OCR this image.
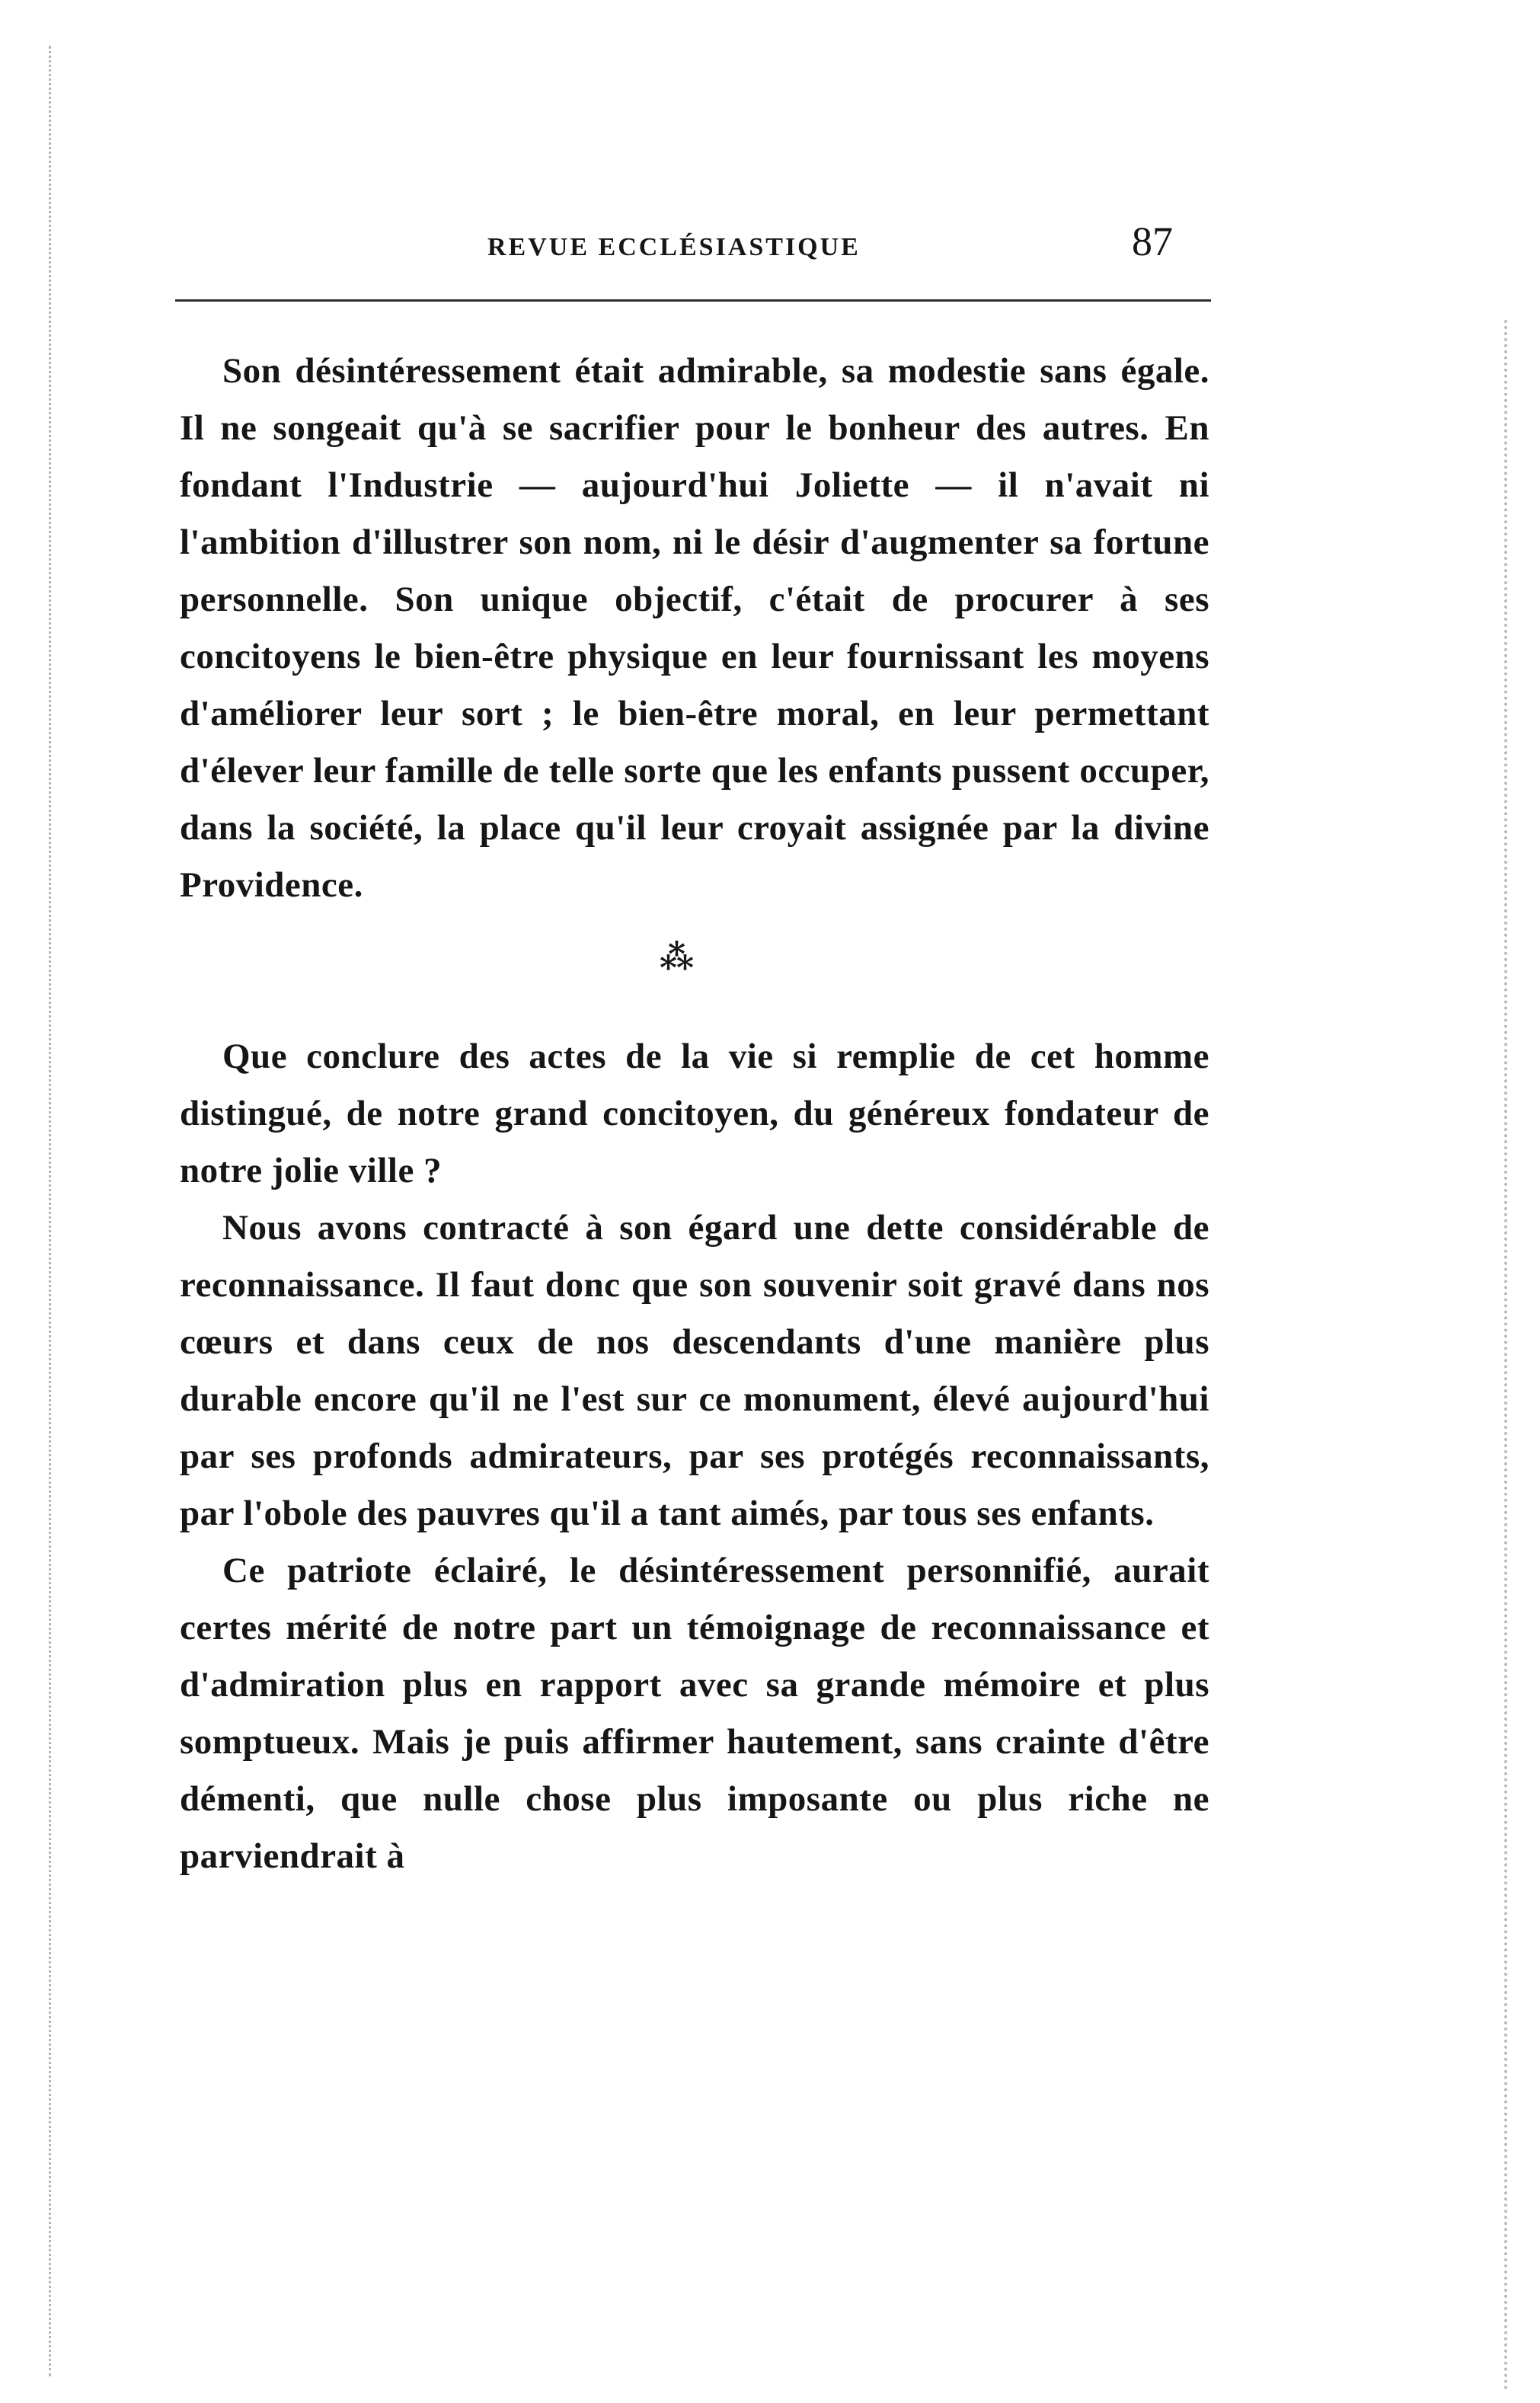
REVUE ECCLÉSIASTIQUE	87

Son désintéressement était admirable, sa modestie sans égale. Il ne songeait qu'à se sacrifier pour le bonheur des autres. En fondant l'Industrie — aujourd'hui Joliette — il n'avait ni l'ambition d'illustrer son nom, ni le désir d'augmenter sa fortune personnelle. Son unique objectif, c'était de procurer à ses concitoyens le bien-être physique en leur fournissant les moyens d'améliorer leur sort ; le bien-être moral, en leur permettant d'élever leur famille de telle sorte que les enfants pussent occuper, dans la société, la place qu'il leur croyait assignée par la divine Providence.

⁂

Que conclure des actes de la vie si remplie de cet homme distingué, de notre grand concitoyen, du généreux fondateur de notre jolie ville ?

Nous avons contracté à son égard une dette considérable de reconnaissance. Il faut donc que son souvenir soit gravé dans nos cœurs et dans ceux de nos descendants d'une manière plus durable encore qu'il ne l'est sur ce monument, élevé aujourd'hui par ses profonds admirateurs, par ses protégés reconnaissants, par l'obole des pauvres qu'il a tant aimés, par tous ses enfants.

Ce patriote éclairé, le désintéressement personnifié, aurait certes mérité de notre part un témoignage de reconnaissance et d'admiration plus en rapport avec sa grande mémoire et plus somptueux. Mais je puis affirmer hautement, sans crainte d'être démenti, que nulle chose plus imposante ou plus riche ne parviendrait à
